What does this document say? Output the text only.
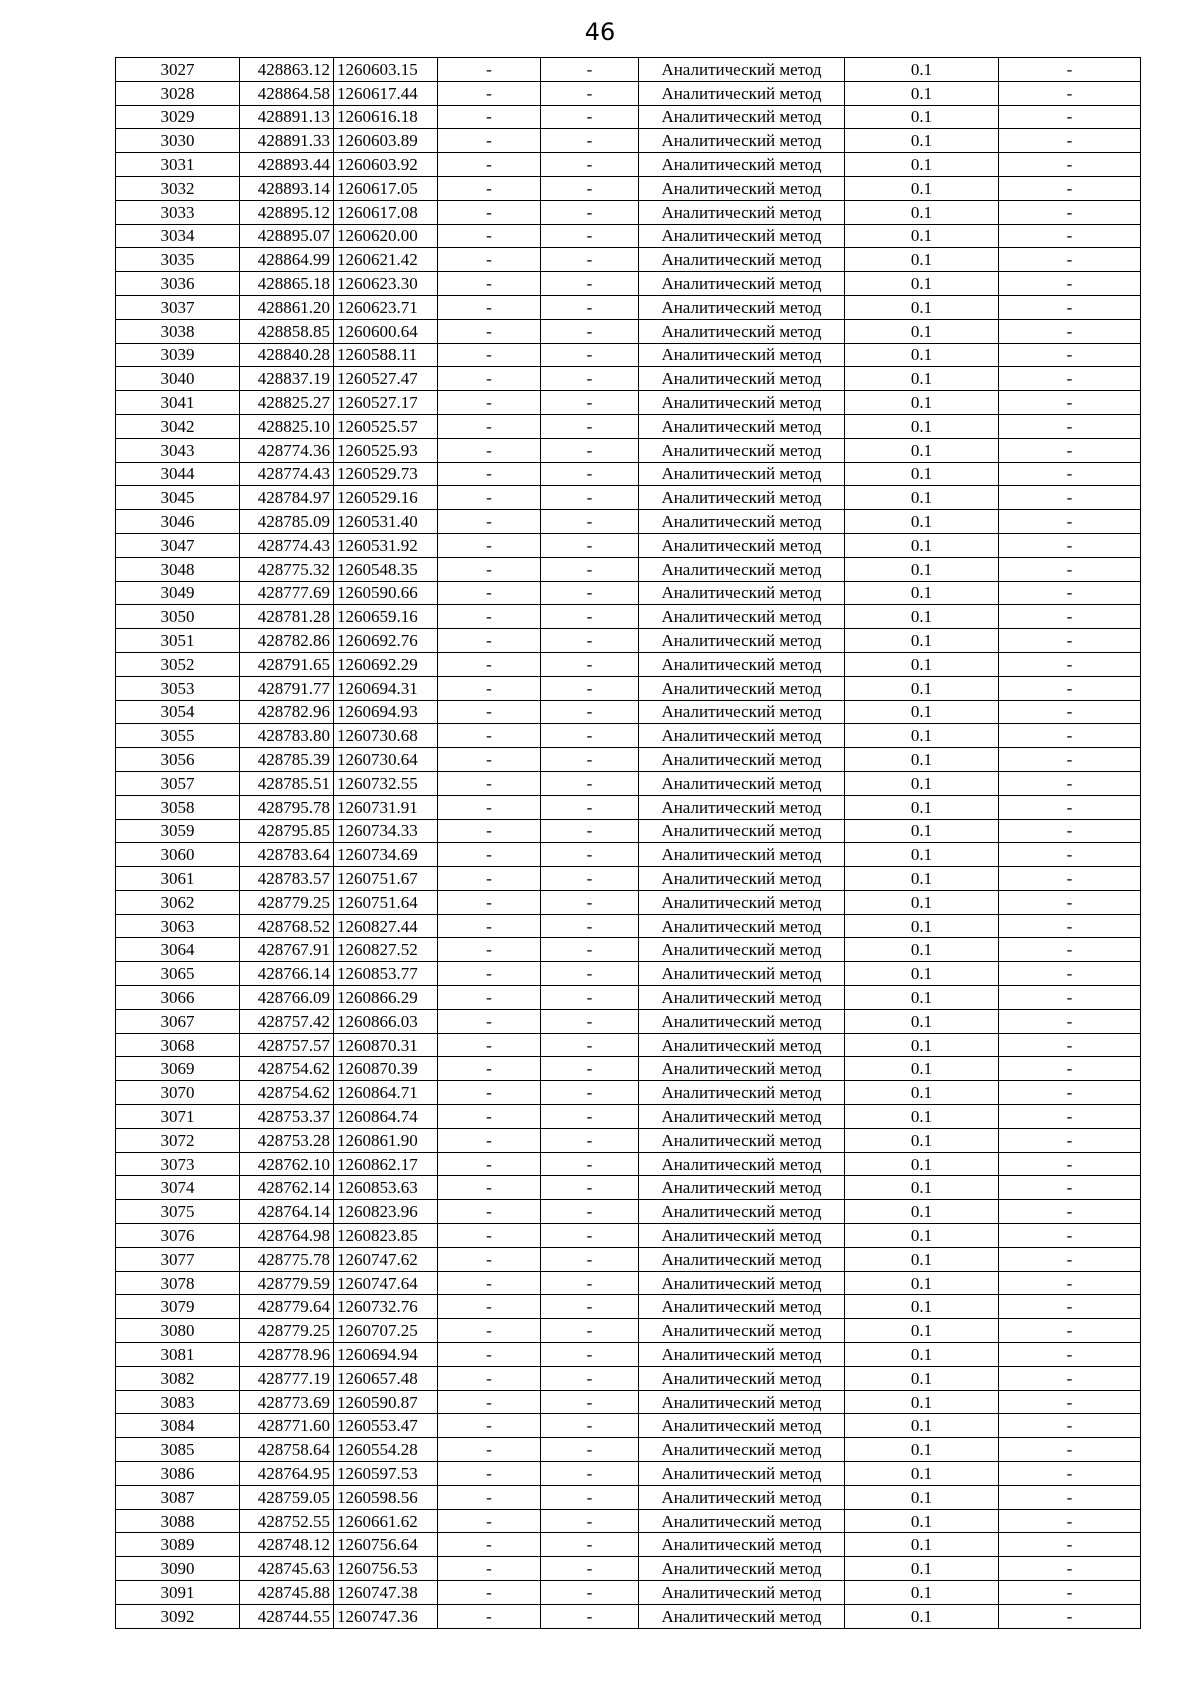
46
3027	428863.12	1260603.15	-	-	Аналитический метод	0.1	-
3028	428864.58	1260617.44	-	-	Аналитический метод	0.1	-
3029	428891.13	1260616.18	-	-	Аналитический метод	0.1	-
3030	428891.33	1260603.89	-	-	Аналитический метод	0.1	-
3031	428893.44	1260603.92	-	-	Аналитический метод	0.1	-
3032	428893.14	1260617.05	-	-	Аналитический метод	0.1	-
3033	428895.12	1260617.08	-	-	Аналитический метод	0.1	-
3034	428895.07	1260620.00	-	-	Аналитический метод	0.1	-
3035	428864.99	1260621.42	-	-	Аналитический метод	0.1	-
3036	428865.18	1260623.30	-	-	Аналитический метод	0.1	-
3037	428861.20	1260623.71	-	-	Аналитический метод	0.1	-
3038	428858.85	1260600.64	-	-	Аналитический метод	0.1	-
3039	428840.28	1260588.11	-	-	Аналитический метод	0.1	-
3040	428837.19	1260527.47	-	-	Аналитический метод	0.1	-
3041	428825.27	1260527.17	-	-	Аналитический метод	0.1	-
3042	428825.10	1260525.57	-	-	Аналитический метод	0.1	-
3043	428774.36	1260525.93	-	-	Аналитический метод	0.1	-
3044	428774.43	1260529.73	-	-	Аналитический метод	0.1	-
3045	428784.97	1260529.16	-	-	Аналитический метод	0.1	-
3046	428785.09	1260531.40	-	-	Аналитический метод	0.1	-
3047	428774.43	1260531.92	-	-	Аналитический метод	0.1	-
3048	428775.32	1260548.35	-	-	Аналитический метод	0.1	-
3049	428777.69	1260590.66	-	-	Аналитический метод	0.1	-
3050	428781.28	1260659.16	-	-	Аналитический метод	0.1	-
3051	428782.86	1260692.76	-	-	Аналитический метод	0.1	-
3052	428791.65	1260692.29	-	-	Аналитический метод	0.1	-
3053	428791.77	1260694.31	-	-	Аналитический метод	0.1	-
3054	428782.96	1260694.93	-	-	Аналитический метод	0.1	-
3055	428783.80	1260730.68	-	-	Аналитический метод	0.1	-
3056	428785.39	1260730.64	-	-	Аналитический метод	0.1	-
3057	428785.51	1260732.55	-	-	Аналитический метод	0.1	-
3058	428795.78	1260731.91	-	-	Аналитический метод	0.1	-
3059	428795.85	1260734.33	-	-	Аналитический метод	0.1	-
3060	428783.64	1260734.69	-	-	Аналитический метод	0.1	-
3061	428783.57	1260751.67	-	-	Аналитический метод	0.1	-
3062	428779.25	1260751.64	-	-	Аналитический метод	0.1	-
3063	428768.52	1260827.44	-	-	Аналитический метод	0.1	-
3064	428767.91	1260827.52	-	-	Аналитический метод	0.1	-
3065	428766.14	1260853.77	-	-	Аналитический метод	0.1	-
3066	428766.09	1260866.29	-	-	Аналитический метод	0.1	-
3067	428757.42	1260866.03	-	-	Аналитический метод	0.1	-
3068	428757.57	1260870.31	-	-	Аналитический метод	0.1	-
3069	428754.62	1260870.39	-	-	Аналитический метод	0.1	-
3070	428754.62	1260864.71	-	-	Аналитический метод	0.1	-
3071	428753.37	1260864.74	-	-	Аналитический метод	0.1	-
3072	428753.28	1260861.90	-	-	Аналитический метод	0.1	-
3073	428762.10	1260862.17	-	-	Аналитический метод	0.1	-
3074	428762.14	1260853.63	-	-	Аналитический метод	0.1	-
3075	428764.14	1260823.96	-	-	Аналитический метод	0.1	-
3076	428764.98	1260823.85	-	-	Аналитический метод	0.1	-
3077	428775.78	1260747.62	-	-	Аналитический метод	0.1	-
3078	428779.59	1260747.64	-	-	Аналитический метод	0.1	-
3079	428779.64	1260732.76	-	-	Аналитический метод	0.1	-
3080	428779.25	1260707.25	-	-	Аналитический метод	0.1	-
3081	428778.96	1260694.94	-	-	Аналитический метод	0.1	-
3082	428777.19	1260657.48	-	-	Аналитический метод	0.1	-
3083	428773.69	1260590.87	-	-	Аналитический метод	0.1	-
3084	428771.60	1260553.47	-	-	Аналитический метод	0.1	-
3085	428758.64	1260554.28	-	-	Аналитический метод	0.1	-
3086	428764.95	1260597.53	-	-	Аналитический метод	0.1	-
3087	428759.05	1260598.56	-	-	Аналитический метод	0.1	-
3088	428752.55	1260661.62	-	-	Аналитический метод	0.1	-
3089	428748.12	1260756.64	-	-	Аналитический метод	0.1	-
3090	428745.63	1260756.53	-	-	Аналитический метод	0.1	-
3091	428745.88	1260747.38	-	-	Аналитический метод	0.1	-
3092	428744.55	1260747.36	-	-	Аналитический метод	0.1	-
